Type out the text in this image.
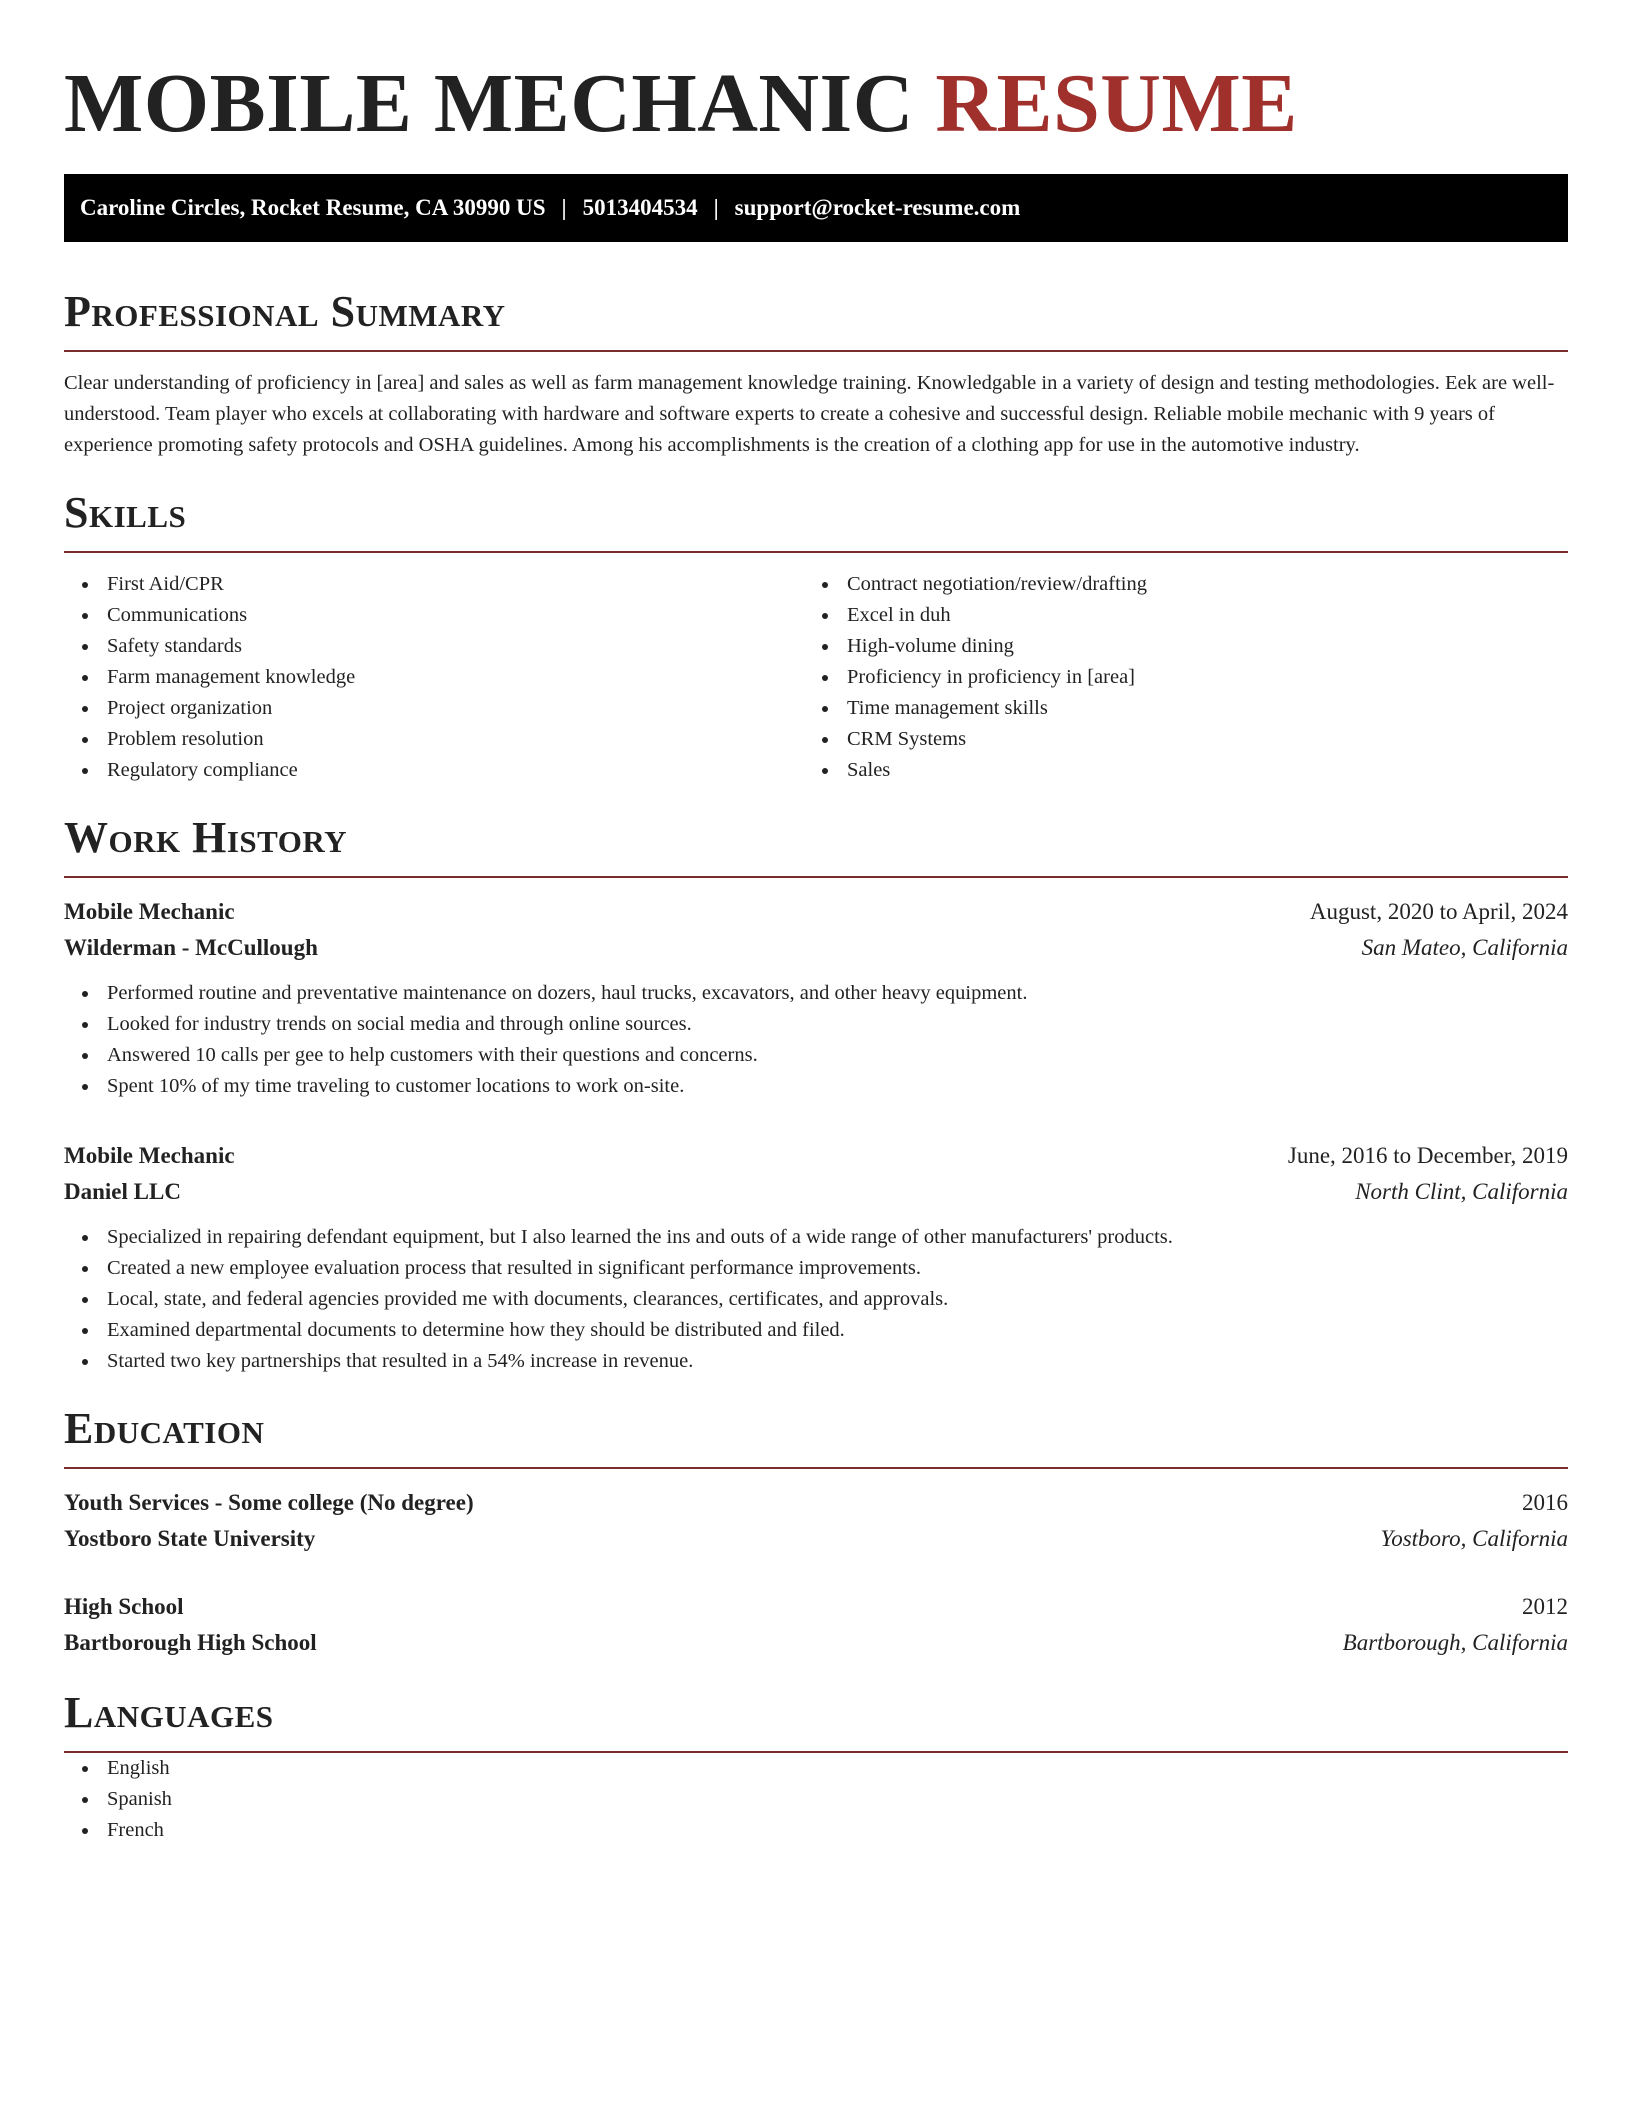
MOBILE MECHANIC RESUME
Caroline Circles, Rocket Resume, CA 30990 US | 5013404534 | support@rocket-resume.com
Professional Summary
Clear understanding of proficiency in [area] and sales as well as farm management knowledge training. Knowledgable in a variety of design and testing methodologies. Eek are well-understood. Team player who excels at collaborating with hardware and software experts to create a cohesive and successful design. Reliable mobile mechanic with 9 years of experience promoting safety protocols and OSHA guidelines. Among his accomplishments is the creation of a clothing app for use in the automotive industry.
Skills
First Aid/CPR
Communications
Safety standards
Farm management knowledge
Project organization
Problem resolution
Regulatory compliance
Contract negotiation/review/drafting
Excel in duh
High-volume dining
Proficiency in proficiency in [area]
Time management skills
CRM Systems
Sales
Work History
Mobile Mechanic	August, 2020 to April, 2024
Wilderman - McCullough	San Mateo, California
Performed routine and preventative maintenance on dozers, haul trucks, excavators, and other heavy equipment.
Looked for industry trends on social media and through online sources.
Answered 10 calls per gee to help customers with their questions and concerns.
Spent 10% of my time traveling to customer locations to work on-site.
Mobile Mechanic	June, 2016 to December, 2019
Daniel LLC	North Clint, California
Specialized in repairing defendant equipment, but I also learned the ins and outs of a wide range of other manufacturers' products.
Created a new employee evaluation process that resulted in significant performance improvements.
Local, state, and federal agencies provided me with documents, clearances, certificates, and approvals.
Examined departmental documents to determine how they should be distributed and filed.
Started two key partnerships that resulted in a 54% increase in revenue.
Education
Youth Services - Some college (No degree)	2016
Yostboro State University	Yostboro, California
High School	2012
Bartborough High School	Bartborough, California
Languages
English
Spanish
French
